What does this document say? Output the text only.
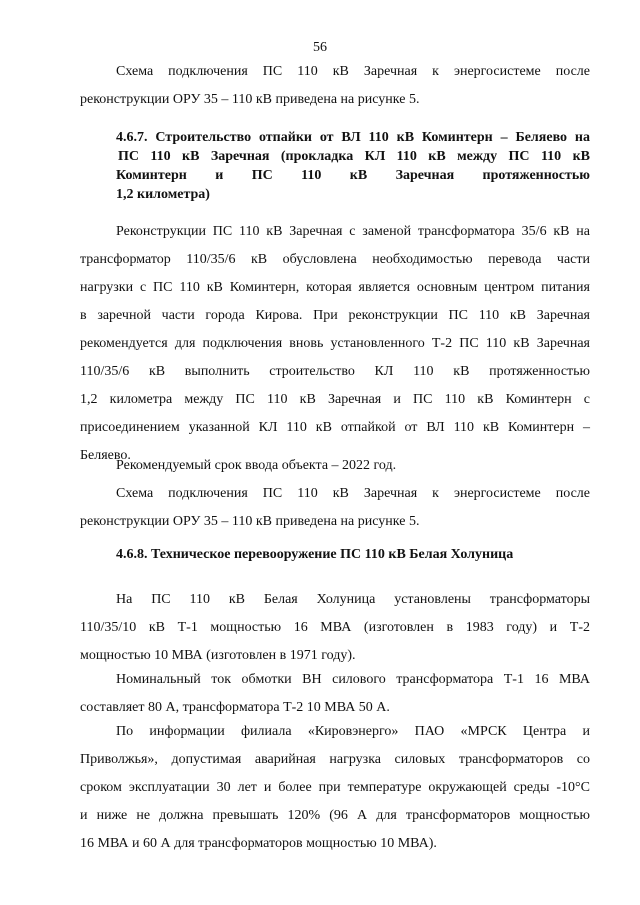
56
Схема подключения ПС 110 кВ Заречная к энергосистеме после
реконструкции ОРУ 35 – 110 кВ приведена на рисунке 5.
4.6.7. Строительство отпайки от ВЛ 110 кВ Коминтерн – Беляево на
ПС 110 кВ Заречная (прокладка КЛ 110 кВ между ПС 110 кВ
Коминтерн и ПС 110 кВ Заречная протяженностью
1,2 километра)
Реконструкции ПС 110 кВ Заречная с заменой трансформатора 35/6 кВ на
трансформатор 110/35/6 кВ обусловлена необходимостью перевода части
нагрузки с ПС 110 кВ Коминтерн, которая является основным центром питания
в заречной части города Кирова. При реконструкции ПС 110 кВ Заречная
рекомендуется для подключения вновь установленного Т-2 ПС 110 кВ Заречная
110/35/6 кВ выполнить строительство КЛ 110 кВ протяженностью
1,2 километра между ПС 110 кВ Заречная и ПС 110 кВ Коминтерн с
присоединением указанной КЛ 110 кВ отпайкой от ВЛ 110 кВ Коминтерн –
Беляево.
Рекомендуемый срок ввода объекта – 2022 год.
Схема подключения ПС 110 кВ Заречная к энергосистеме после
реконструкции ОРУ 35 – 110 кВ приведена на рисунке 5.
4.6.8. Техническое перевооружение ПС 110 кВ Белая Холуница
На ПС 110 кВ Белая Холуница установлены трансформаторы
110/35/10 кВ Т-1 мощностью 16 МВА (изготовлен в 1983 году) и Т-2
мощностью 10 МВА (изготовлен в 1971 году).
Номинальный ток обмотки ВН силового трансформатора Т-1 16 МВА
составляет 80 А, трансформатора Т-2 10 МВА 50 А.
По информации филиала «Кировэнерго» ПАО «МРСК Центра и
Приволжья», допустимая аварийная нагрузка силовых трансформаторов со
сроком эксплуатации 30 лет и более при температуре окружающей среды -10°С
и ниже не должна превышать 120% (96 А для трансформаторов мощностью
16 МВА и 60 А для трансформаторов мощностью 10 МВА).
